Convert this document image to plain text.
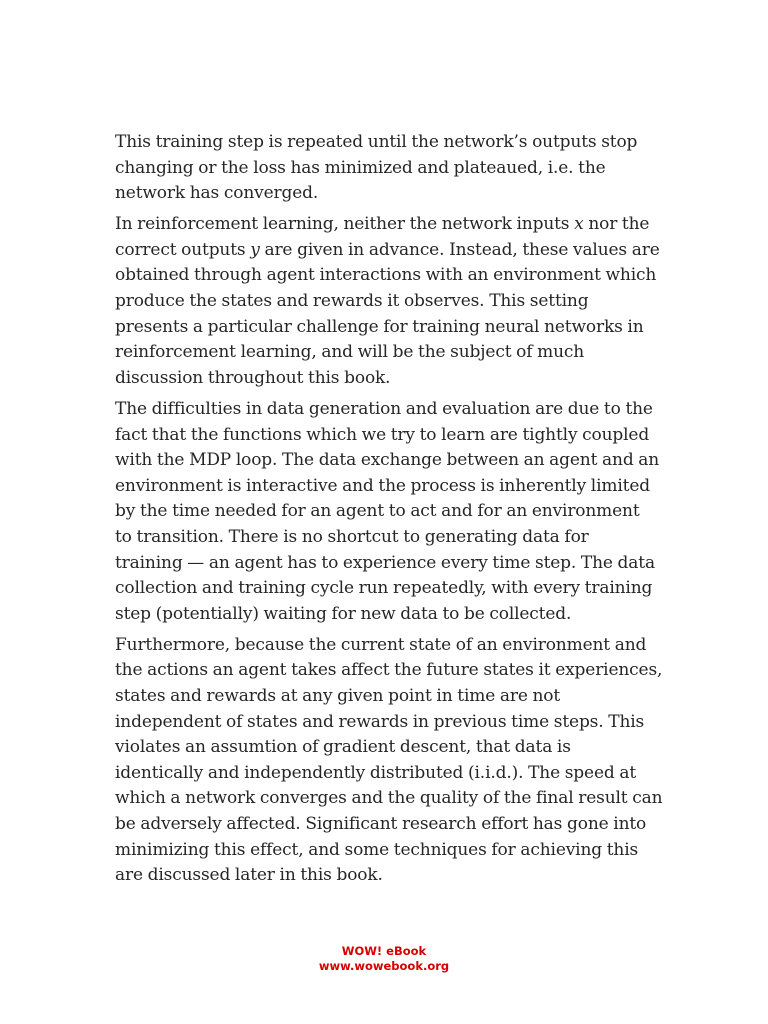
This training step is repeated until the network’s outputs stop
changing or the loss has minimized and plateaued, i.e. the
network has converged.

In reinforcement learning, neither the network inputs x nor the
correct outputs y are given in advance. Instead, these values are
obtained through agent interactions with an environment which
produce the states and rewards it observes. This setting
presents a particular challenge for training neural networks in
reinforcement learning, and will be the subject of much
discussion throughout this book.

The difficulties in data generation and evaluation are due to the
fact that the functions which we try to learn are tightly coupled
with the MDP loop. The data exchange between an agent and an
environment is interactive and the process is inherently limited
by the time needed for an agent to act and for an environment
to transition. There is no shortcut to generating data for
training — an agent has to experience every time step. The data
collection and training cycle run repeatedly, with every training
step (potentially) waiting for new data to be collected.

Furthermore, because the current state of an environment and
the actions an agent takes affect the future states it experiences,
states and rewards at any given point in time are not
independent of states and rewards in previous time steps. This
violates an assumtion of gradient descent, that data is
identically and independently distributed (i.i.d.). The speed at
which a network converges and the quality of the final result can
be adversely affected. Significant research effort has gone into
minimizing this effect, and some techniques for achieving this
are discussed later in this book.

WOW! eBook
www.wowebook.org
